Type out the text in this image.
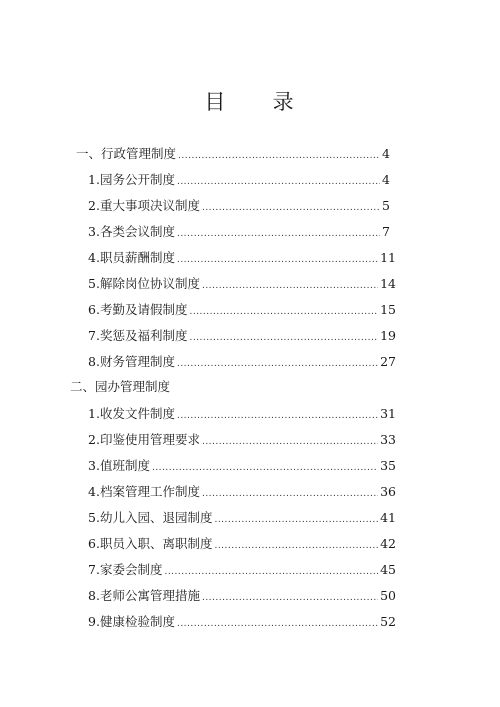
目  录
一、行政管理制度 .....	4
1. 园务公开制度 .....	4
2. 重大事项决议制度 .....	5
3. 各类会议制度 .....	7
4. 职员薪酬制度 .....	11
5. 解除岗位协议制度 .....	14
6. 考勤及请假制度 .....	15
7. 奖惩及福利制度 .....	19
8. 财务管理制度 .....	27
二、园办管理制度
1. 收发文件制度 .....	31
2. 印鉴使用管理要求 .....	33
3. 值班制度 .....	35
4. 档案管理工作制度 .....	36
5. 幼儿入园、退园制度 .....	41
6. 职员入职、离职制度 .....	42
7. 家委会制度 .....	45
8. 老师公寓管理措施 .....	50
9. 健康检验制度 .....	52
